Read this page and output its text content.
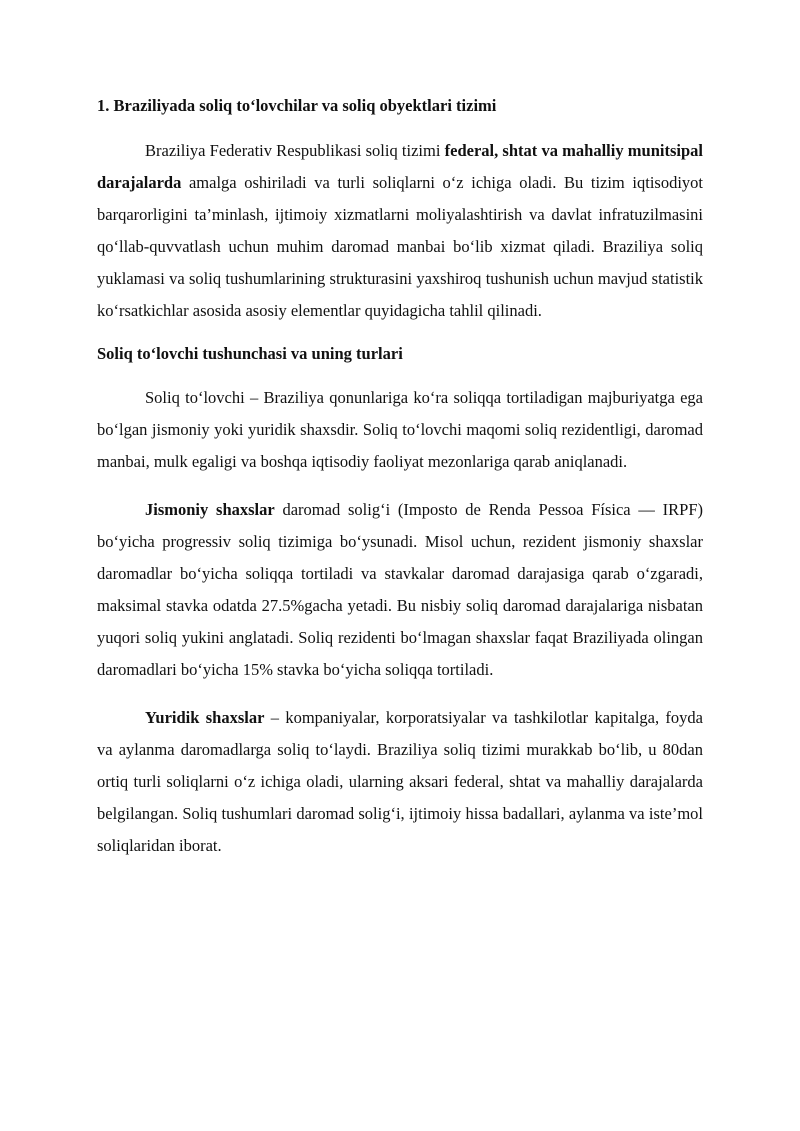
1. Braziliyada soliq to‘lovchilar va soliq obyektlari tizimi

Braziliya Federativ Respublikasi soliq tizimi federal, shtat va mahalliy munitsipal darajalarda amalga oshiriladi va turli soliqlarni o‘z ichiga oladi. Bu tizim iqtisodiyot barqarorligini ta’minlash, ijtimoiy xizmatlarni moliyalashtirish va davlat infratuzilmasini qo‘llab-quvvatlash uchun muhim daromad manbai bo‘lib xizmat qiladi. Braziliya soliq yuklamasi va soliq tushumlarining strukturasini yaxshiroq tushunish uchun mavjud statistik ko‘rsatkichlar asosida asosiy elementlar quyidagicha tahlil qilinadi.

Soliq to‘lovchi tushunchasi va uning turlari

Soliq to‘lovchi – Braziliya qonunlariga ko‘ra soliqqa tortiladigan majburiyatga ega bo‘lgan jismoniy yoki yuridik shaxsdir. Soliq to‘lovchi maqomi soliq rezidentligi, daromad manbai, mulk egaligi va boshqa iqtisodiy faoliyat mezonlariga qarab aniqlanadi.

Jismoniy shaxslar daromad solig‘i (Imposto de Renda Pessoa Física — IRPF) bo‘yicha progressiv soliq tizimiga bo‘ysunadi. Misol uchun, rezident jismoniy shaxslar daromadlar bo‘yicha soliqqa tortiladi va stavkalar daromad darajasiga qarab o‘zgaradi, maksimal stavka odatda 27.5%gacha yetadi. Bu nisbiy soliq daromad darajalariga nisbatan yuqori soliq yukini anglatadi. Soliq rezidenti bo‘lmagan shaxslar faqat Braziliyada olingan daromadlari bo‘yicha 15% stavka bo‘yicha soliqqa tortiladi.

Yuridik shaxslar – kompaniyalar, korporatsiyalar va tashkilotlar kapitalga, foyda va aylanma daromadlarga soliq to‘laydi. Braziliya soliq tizimi murakkab bo‘lib, u 80dan ortiq turli soliqlarni o‘z ichiga oladi, ularning aksari federal, shtat va mahalliy darajalarda belgilangan. Soliq tushumlari daromad solig‘i, ijtimoiy hissa badallari, aylanma va iste’mol soliqlaridan iborat.
